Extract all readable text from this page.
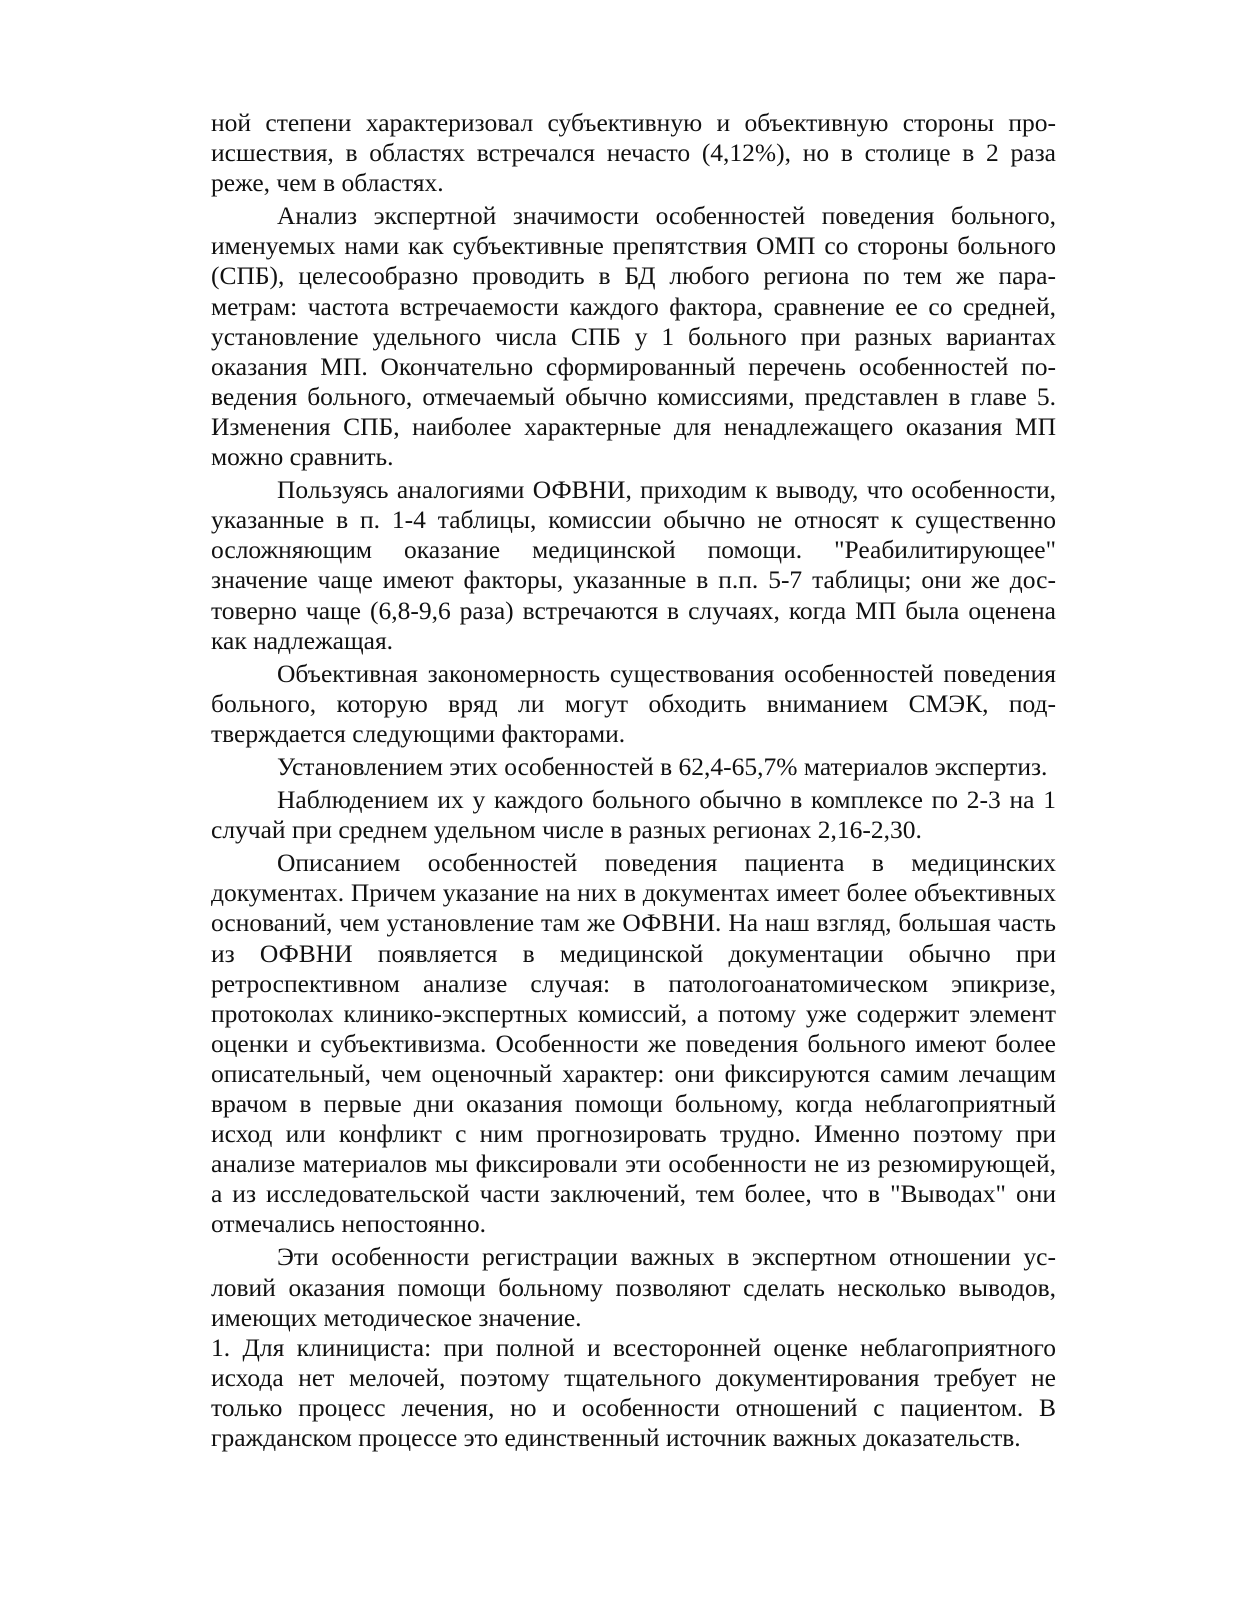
ной степени характеризовал субъективную и объективную стороны происшествия, в областях встречался нечасто (4,12%), но в столице в 2 раза реже, чем в областях.

Анализ экспертной значимости особенностей поведения больного, именуемых нами как субъективные препятствия ОМП со стороны больного (СПБ), целесообразно проводить в БД любого региона по тем же параметрам: частота встречаемости каждого фактора, сравнение ее со средней, установление удельного числа СПБ у 1 больного при разных вариантах оказания МП. Окончательно сформированный перечень особенностей поведения больного, отмечаемый обычно комиссиями, представлен в главе 5. Изменения СПБ, наиболее характерные для ненадлежащего оказания МП можно сравнить.

Пользуясь аналогиями ОФВНИ, приходим к выводу, что особенности, указанные в п. 1-4 таблицы, комиссии обычно не относят к существенно осложняющим оказание медицинской помощи. "Реабилитирующее" значение чаще имеют факторы, указанные в п.п. 5-7 таблицы; они же достоверно чаще (6,8-9,6 раза) встречаются в случаях, когда МП была оценена как надлежащая.

Объективная закономерность существования особенностей поведения больного, которую вряд ли могут обходить вниманием СМЭК, подтверждается следующими факторами.

Установлением этих особенностей в 62,4-65,7% материалов экспертиз.

Наблюдением их у каждого больного обычно в комплексе по 2-3 на 1 случай при среднем удельном числе в разных регионах 2,16-2,30.

Описанием особенностей поведения пациента в медицинских документах. Причем указание на них в документах имеет более объективных оснований, чем установление там же ОФВНИ. На наш взгляд, большая часть из ОФВНИ появляется в медицинской документации обычно при ретроспективном анализе случая: в патологоанатомическом эпикризе, протоколах клинико-экспертных комиссий, а потому уже содержит элемент оценки и субъективизма. Особенности же поведения больного имеют более описательный, чем оценочный характер: они фиксируются самим лечащим врачом в первые дни оказания помощи больному, когда неблагоприятный исход или конфликт с ним прогнозировать трудно. Именно поэтому при анализе материалов мы фиксировали эти особенности не из резюмирующей, а из исследовательской части заключений, тем более, что в "Выводах" они отмечались непостоянно.

Эти особенности регистрации важных в экспертном отношении условий оказания помощи больному позволяют сделать несколько выводов, имеющих методическое значение.

1. Для клинициста: при полной и всесторонней оценке неблагоприятного исхода нет мелочей, поэтому тщательного документирования требует не только процесс лечения, но и особенности отношений с пациентом. В гражданском процессе это единственный источник важных доказательств.
